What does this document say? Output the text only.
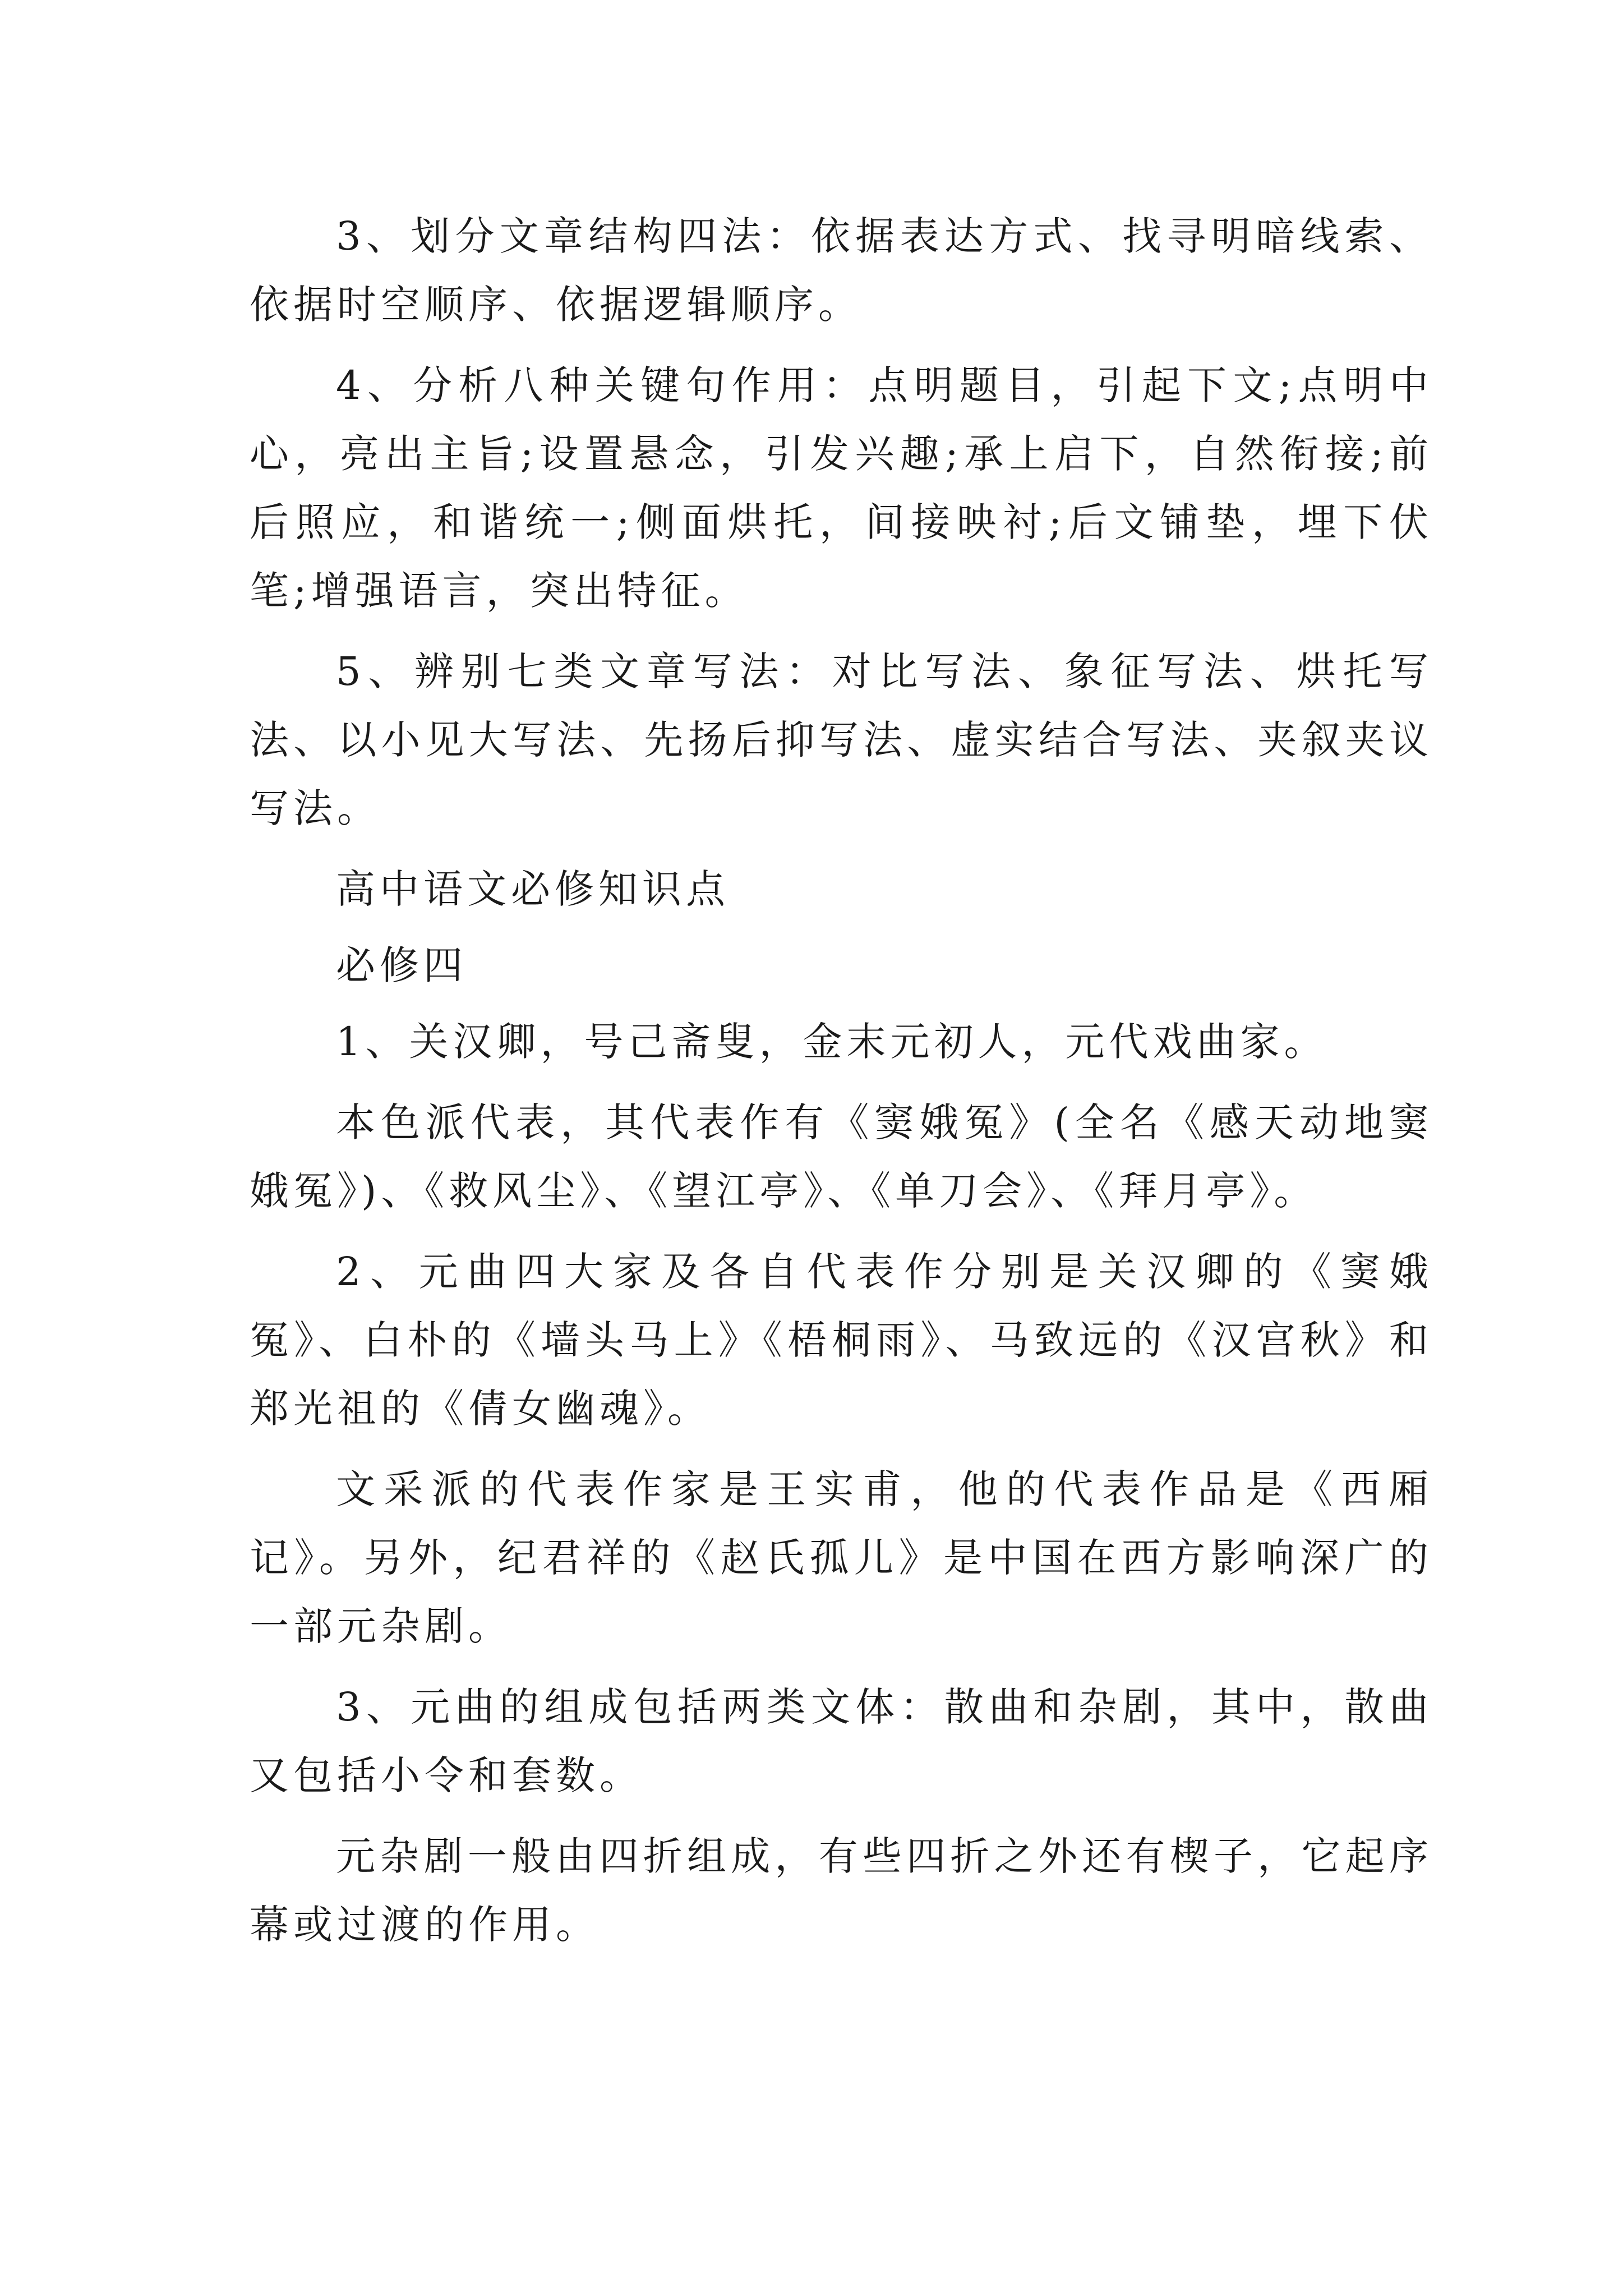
3、划分文章结构四法：依据表达方式、找寻明暗线索、依据时空顺序、依据逻辑顺序。

4、分析八种关键句作用：点明题目，引起下文;点明中心，亮出主旨;设置悬念，引发兴趣;承上启下，自然衔接;前后照应，和谐统一;侧面烘托，间接映衬;后文铺垫，埋下伏笔;增强语言，突出特征。

5、辨别七类文章写法：对比写法、象征写法、烘托写法、以小见大写法、先扬后抑写法、虚实结合写法、夹叙夹议写法。

高中语文必修知识点

必修四

1、关汉卿，号己斋叟，金末元初人，元代戏曲家。

本色派代表，其代表作有《窦娥冤》(全名《感天动地窦娥冤》)、《救风尘》、《望江亭》、《单刀会》、《拜月亭》。

2、元曲四大家及各自代表作分别是关汉卿的《窦娥冤》、白朴的《墙头马上》《梧桐雨》、马致远的《汉宫秋》和郑光祖的《倩女幽魂》。

文采派的代表作家是王实甫，他的代表作品是《西厢记》。另外，纪君祥的《赵氏孤儿》是中国在西方影响深广的一部元杂剧。

3、元曲的组成包括两类文体：散曲和杂剧，其中，散曲又包括小令和套数。

元杂剧一般由四折组成，有些四折之外还有楔子，它起序幕或过渡的作用。
